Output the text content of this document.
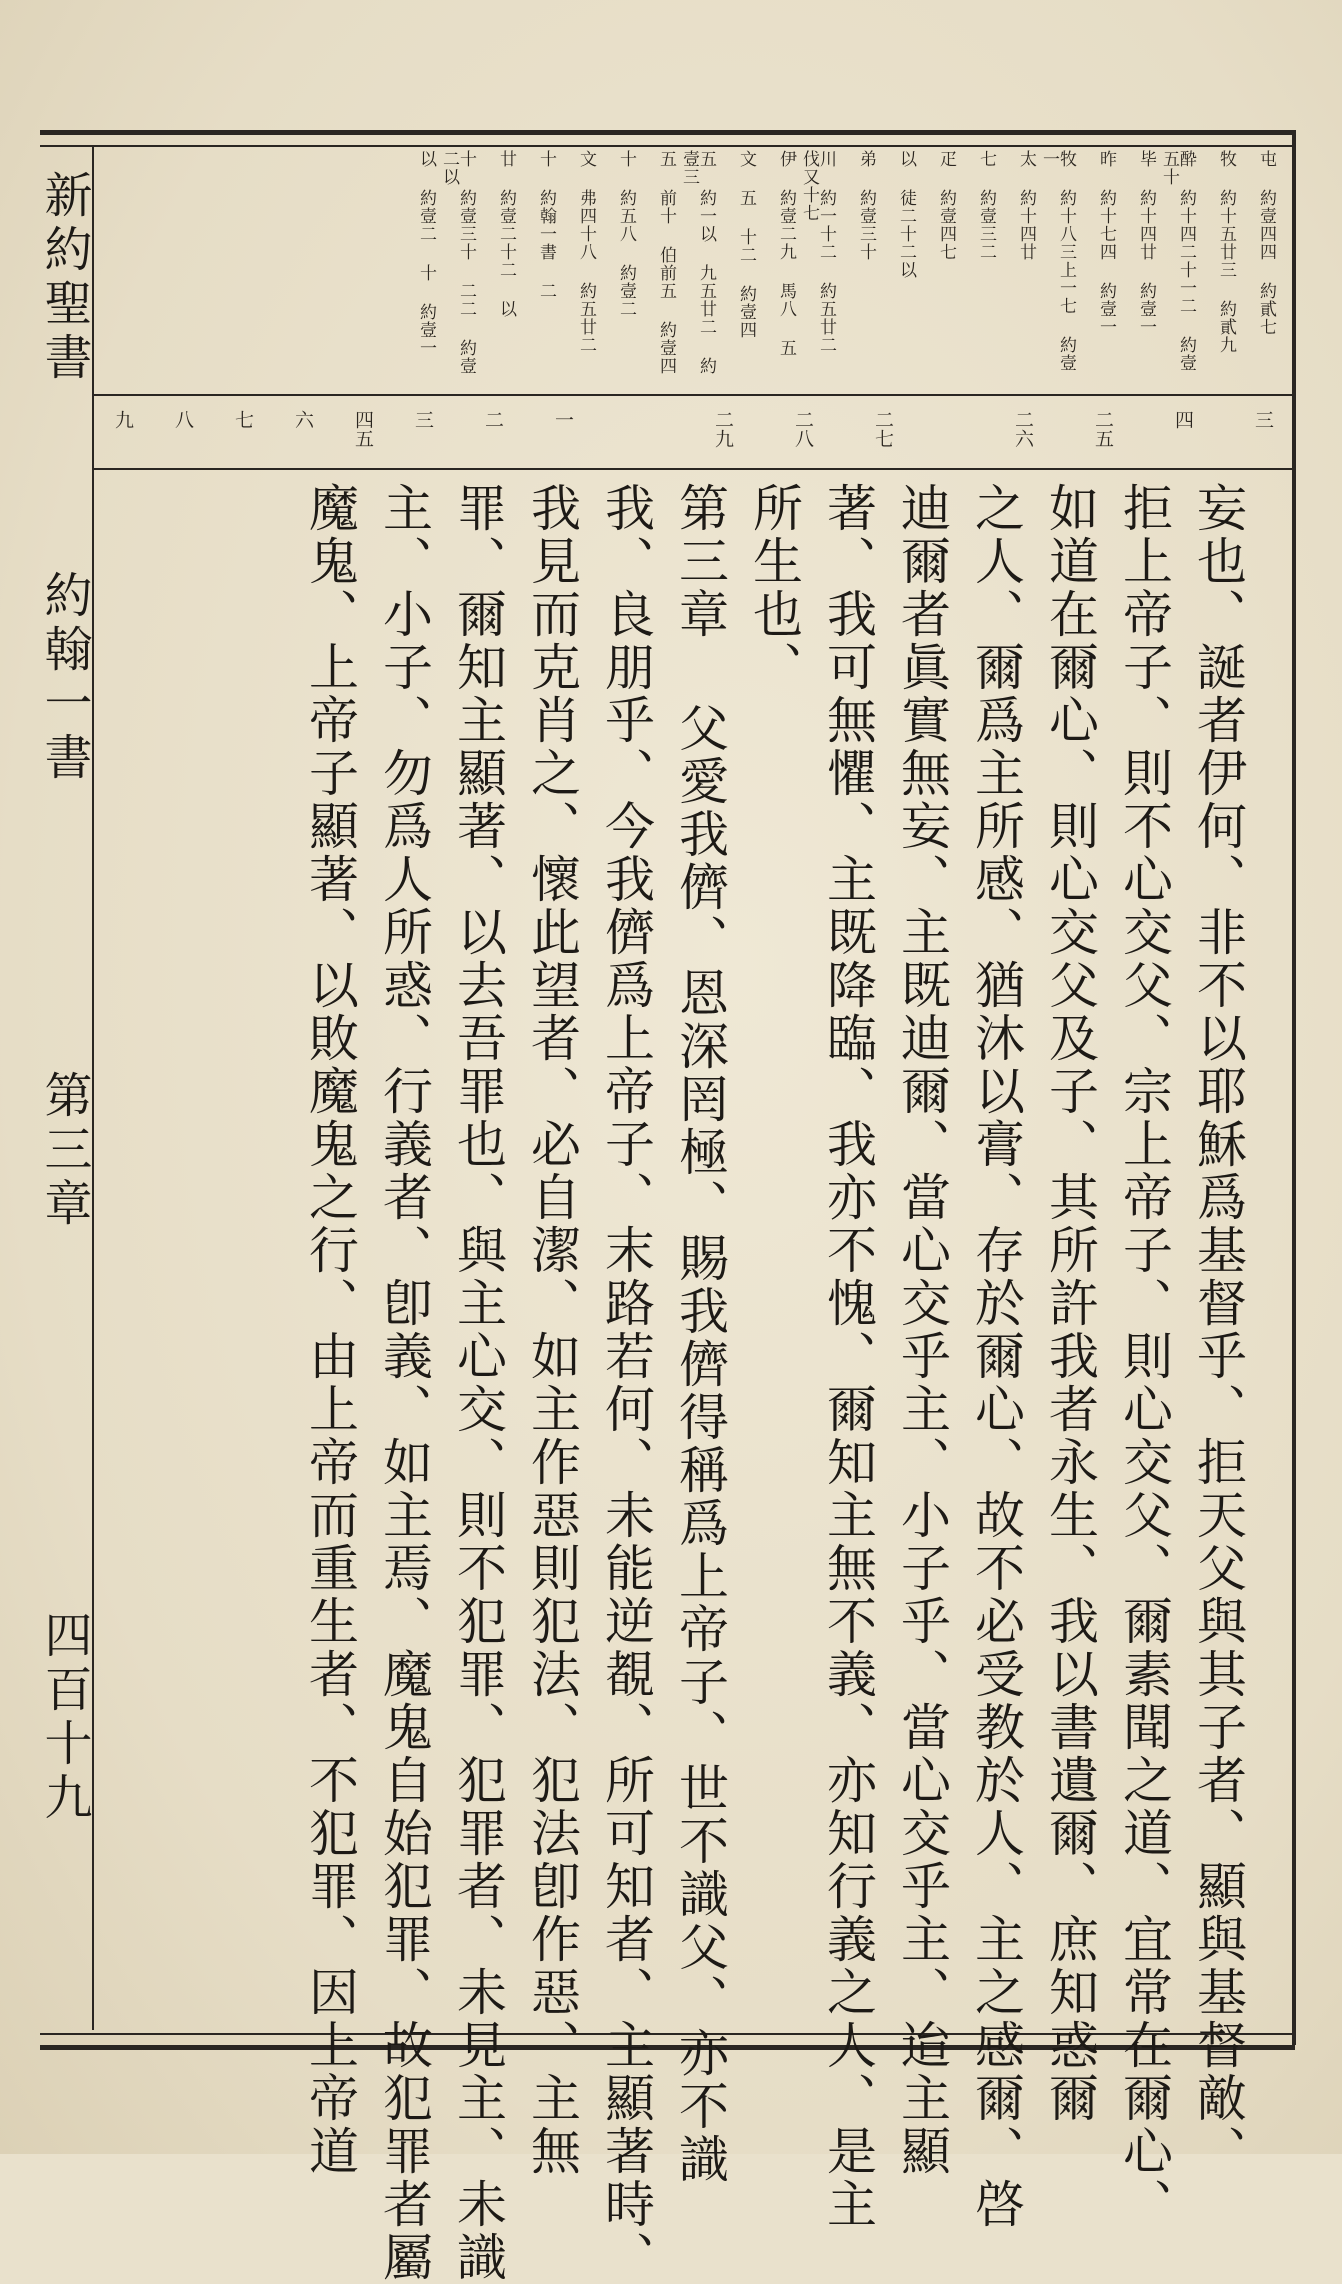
新約聖書
約翰一書
第三章
四百十九
屯 約壹四四 約貳七
牧 約十五廿三 約貳九
酔 約十四二十一二 約壹五十
毕 約十四廿 約壹一
昨 約十七四 約壹一
牧 約十八三上一七 約壹一
太 約十四廿
七 約壹三二
疋 約壹四七
以 徒二十二以
弟 約壹三十
川 約一十二 約五廿二 伐又十七
伊 約壹二九 馬八 五
文 五 十二 約壹四
五 約一以 九五廿二 約壹三
五 前十 伯前五 約壹四
十 約五八 約壹二
文 弗四十八 約五廿二
十 約翰一書 二
廿 約壹二十二 以
十 約壹三十 二二 約壹二以
以 約壹二 十 約壹一
三
四
二五
二六
二七
二八
二九
一
二
三
四五
六
七
八
九
妄也、誕者伊何、非不以耶穌爲基督乎、拒天父與其子者、顯與基督敵、
拒上帝子、則不心交父、宗上帝子、則心交父、爾素聞之道、宜常在爾心、
如道在爾心、則心交父及子、其所許我者永生、我以書遺爾、庶知惑爾
之人、爾爲主所感、猶沐以膏、存於爾心、故不必受教於人、主之感爾、啓
迪爾者眞實無妄、主既迪爾、當心交乎主、小子乎、當心交乎主、迨主顯
著、我可無懼、主既降臨、我亦不愧、爾知主無不義、亦知行義之人、是主
所生也、
第三章 父愛我儕、恩深罔極、賜我儕得稱爲上帝子、世不識父、亦不識
我、良朋乎、今我儕爲上帝子、末路若何、未能逆覩、所可知者、主顯著時、
我見而克肖之、懷此望者、必自潔、如主作惡則犯法、犯法卽作惡、主無
罪、爾知主顯著、以去吾罪也、與主心交、則不犯罪、犯罪者、未見主、未識
主、小子、勿爲人所惑、行義者、卽義、如主焉、魔鬼自始犯罪、故犯罪者屬
魔鬼、上帝子顯著、以敗魔鬼之行、由上帝而重生者、不犯罪、因上帝道
